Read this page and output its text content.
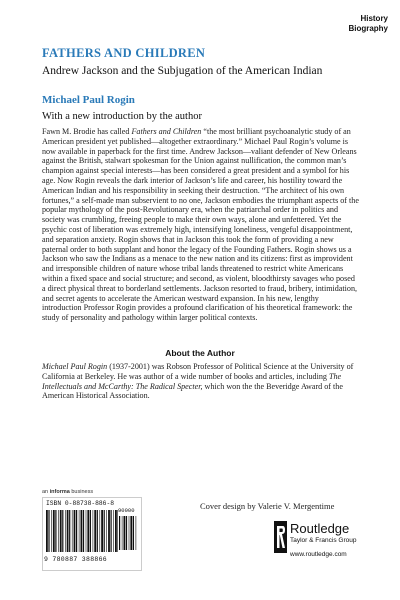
History
Biography
FATHERS AND CHILDREN
Andrew Jackson and the Subjugation of the American Indian
Michael Paul Rogin
With a new introduction by the author
Fawn M. Brodie has called Fathers and Children “the most brilliant psychoanalytic study of an American president yet published—altogether extraordinary.” Michael Paul Rogin’s volume is now available in paperback for the first time. Andrew Jackson—valiant defender of New Orleans against the British, stalwart spokesman for the Union against nullification, the common man’s champion against special interests—has been considered a great president and a symbol for his age. Now Rogin reveals the dark interior of Jackson’s life and career, his hostility toward the American Indian and his responsibility in seeking their destruction. “The architect of his own fortunes,” a self-made man subservient to no one, Jackson embodies the triumphant aspects of the popular mythology of the post-Revolutionary era, when the patriarchal order in politics and society was crumbling, freeing people to make their own ways, alone and unfettered. Yet the psychic cost of liberation was extremely high, intensifying loneliness, vengeful disappointment, and separation anxiety. Rogin shows that in Jackson this took the form of providing a new paternal order to both supplant and honor the legacy of the Founding Fathers. Rogin shows us a Jackson who saw the Indians as a menace to the new nation and its citizens: first as improvident and irresponsible children of nature whose tribal lands threatened to restrict white Americans within a fixed space and social structure; and second, as violent, bloodthirsty savages who posed a direct physical threat to borderland settlements. Jackson resorted to fraud, bribery, intimidation, and secret agents to accelerate the American westward expansion. In his new, lengthy
introduction Professor Rogin provides a profound clarification of his theoretical framework: the study of personality and pathology within larger political contexts.
About the Author
Michael Paul Rogin (1937-2001) was Robson Professor of Political Science at the University of California at Berkeley. He was author of a wide number of books and articles, including The Intellectuals and McCarthy: The Radical Specter, which won the the Beveridge Award of the American Historical Association.
an informa business
ISBN 0-88738-886-8
90000
9 780887 388866
Cover design by Valerie V. Mergentime
Routledge
Taylor & Francis Group
www.routledge.com
